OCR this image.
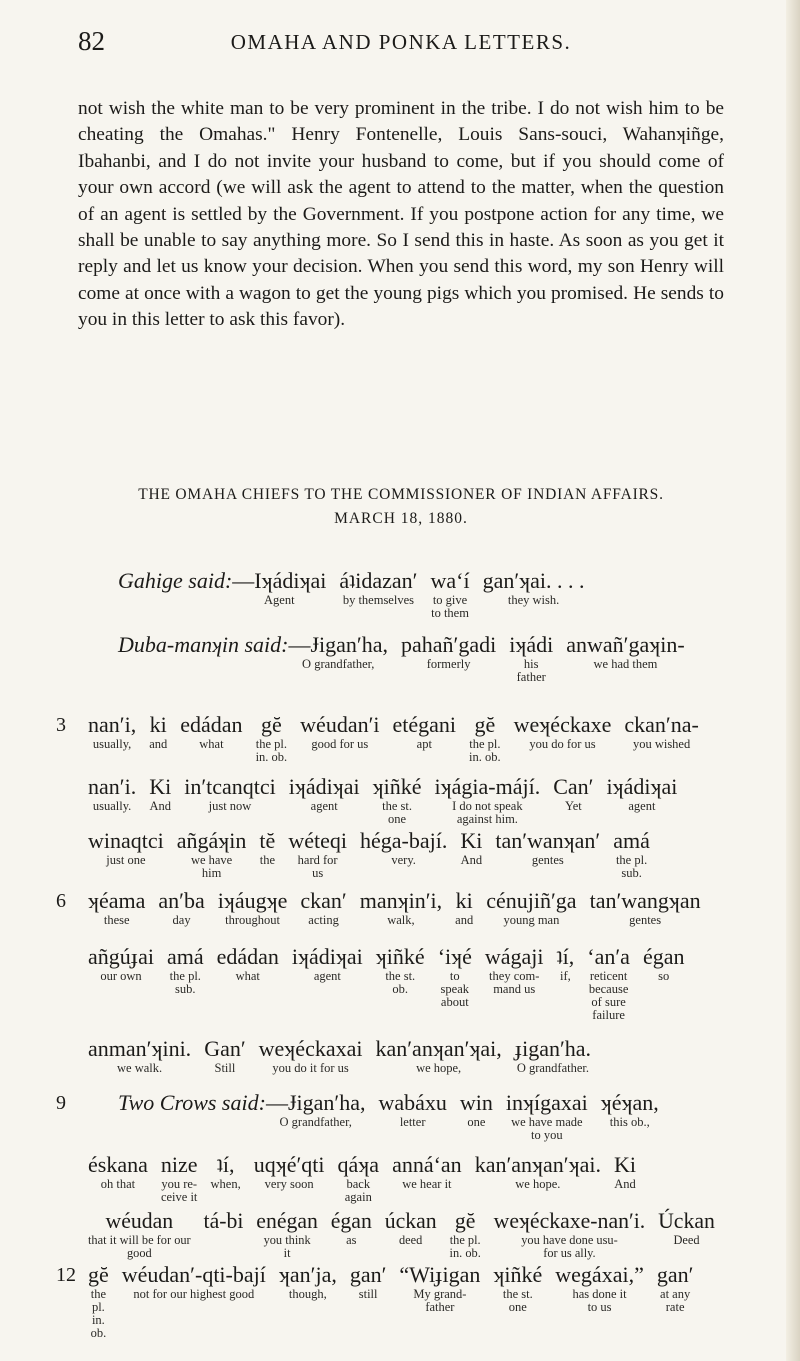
82	OMAHA AND PONKA LETTERS.

not wish the white man to be very prominent in the tribe. I do not wish him to be cheating the Omahas." Henry Fontenelle, Louis Sans-souci, Wahanʞiñge, Ibahanbi, and I do not invite your husband to come, but if you should come of your own accord (we will ask the agent to attend to the matter, when the question of an agent is settled by the Government. If you postpone action for any time, we shall be unable to say anything more. So I send this in haste. As soon as you get it reply and let us know your decision. When you send this word, my son Henry will come at once with a wagon to get the young pigs which you promised. He sends to you in this letter to ask this favor).

THE OMAHA CHIEFS TO THE COMMISSIONER OF INDIAN AFFAIRS.
MARCH 18, 1880.
Gahige said: —Iʞádiʞai
Agent
áʇidazan′
by themselves
wa‘í
to give
to them
gan′ʞai. . . .
they wish.
Duba-manʞin said: —Ɉigan′ha,
O grandfather,
pahañ′gadi
formerly
iʞádi
his
father
anwañ′gaʞin-
we had them
nan′i,
usually,
ki
and
edádan
what
gĕ
the pl.
in. ob.
wéudan′i
good for us
etéganі
apt
gĕ
the pl.
in. ob.
weʞéckaxe
you do for us
ckan′na-
you wished
3
nan′i.
usually.
Ki
And
in′tcanqtci
just now
iʞádiʞai
agent
ʞiñké
the st.
one
iʞágia-májí.
I do not speak
against him.
Can′
Yet
iʞádiʞai
agent
winaqtci
just one
añgáʞin
we have
him
tĕ
the
wéteqi
hard for
us
héga-bají.
very.
Ki
And
tan′wanʞan′
gentes
amá
the pl.
sub.
ʞéama
these
an′ba
day
iʞáugʞe
throughout
ckan′
acting
manʞin′i,
walk,
ki
and
cénujiñ′ga
young man
tan′wangʞan
gentes
6
añgúɟai
our own
amá
the pl.
sub.
edádan
what
iʞádiʞai
agent
ʞiñké
the st.
ob.
‘iʞé
to
speak
about
wágaji
they com-
mand us
ʇí,
if,
‘an′a
reticent
because
of sure
failure
égan
so
anman′ʞini.
we walk.
Gan′
Still
weʞéckaxai
you do it for us
kan′anʞan′ʞai,
we hope,
ɟigan′ha.
O grandfather.
Two Crows said: —Ɉigan′ha,
O grandfather,
wabáxu
letter
win
one
inʞígaxai
we have made
to you
ʞéʞan,
this ob.,
9
éskana
oh that
nize
you re-
ceive it
ʇí,
when,
uqʞé′qti
very soon
qáʞa
back
again
anná‘an
we hear it
kan′anʞan′ʞai.
we hope.
Ki
And
wéudan
that it will be for our
good
tá-bi enégan
you think
it
égan
as
úckan
deed
gĕ
the pl.
in. ob.
weʞéckaxe-nan′i.
you have done usu-
for us ally.
Úckan
Deed
gĕ
the
pl.
in.
ob.
wéudan′-qti-bají
not for our highest good
ʞan′ja,
though,
gan′
still
“Wiɟigan
My grand-
father
ʞiñké
the st.
one
wegáxai,”
has done it
to us
gan′
at any
rate
12
